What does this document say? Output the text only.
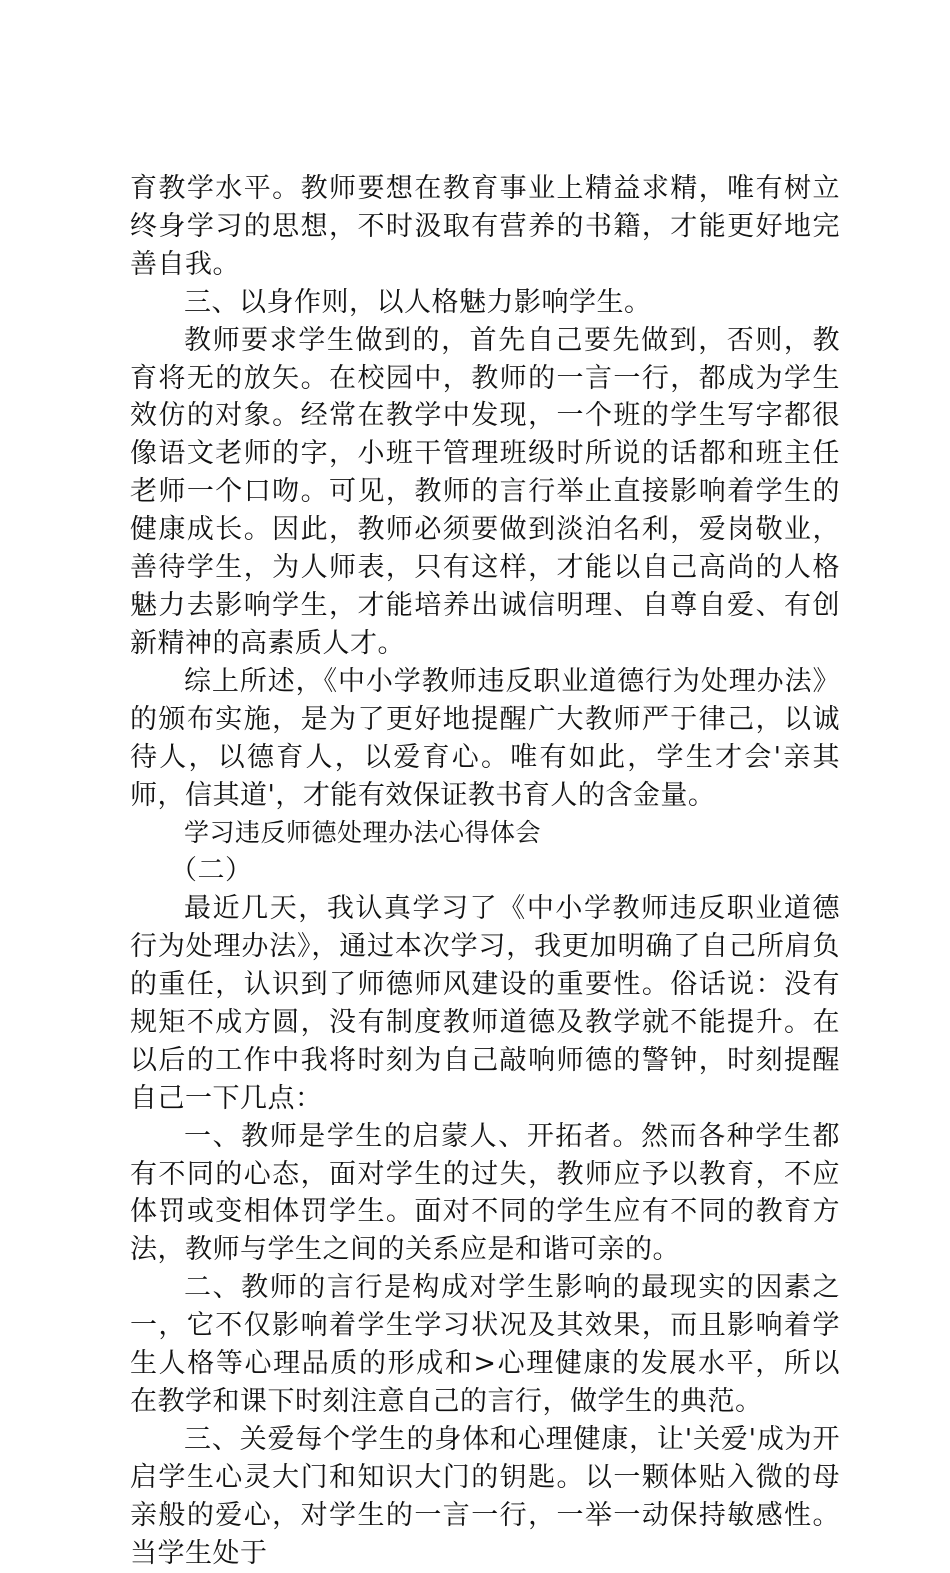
育教学水平。教师要想在教育事业上精益求精，唯有树立终身学习的思想，不时汲取有营养的书籍，才能更好地完善自我。

三、以身作则，以人格魅力影响学生。

教师要求学生做到的，首先自己要先做到，否则，教育将无的放矢。在校园中，教师的一言一行，都成为学生效仿的对象。经常在教学中发现，一个班的学生写字都很像语文老师的字，小班干管理班级时所说的话都和班主任老师一个口吻。可见，教师的言行举止直接影响着学生的健康成长。因此，教师必须要做到淡泊名利，爱岗敬业，善待学生，为人师表，只有这样，才能以自己高尚的人格魅力去影响学生，才能培养出诚信明理、自尊自爱、有创新精神的高素质人才。

综上所述，《中小学教师违反职业道德行为处理办法》的颁布实施，是为了更好地提醒广大教师严于律己，以诚待人，以德育人，以爱育心。唯有如此，学生才会'亲其师，信其道'，才能有效保证教书育人的含金量。

学习违反师德处理办法心得体会

（二）

最近几天，我认真学习了《中小学教师违反职业道德行为处理办法》，通过本次学习，我更加明确了自己所肩负的重任，认识到了师德师风建设的重要性。俗话说：没有规矩不成方圆，没有制度教师道德及教学就不能提升。在以后的工作中我将时刻为自己敲响师德的警钟，时刻提醒自己一下几点：

一、教师是学生的启蒙人、开拓者。然而各种学生都有不同的心态，面对学生的过失，教师应予以教育，不应体罚或变相体罚学生。面对不同的学生应有不同的教育方法，教师与学生之间的关系应是和谐可亲的。

二、教师的言行是构成对学生影响的最现实的因素之一，它不仅影响着学生学习状况及其效果，而且影响着学生人格等心理品质的形成和>心理健康的发展水平，所以在教学和课下时刻注意自己的言行，做学生的典范。

三、关爱每个学生的身体和心理健康，让'关爱'成为开启学生心灵大门和知识大门的钥匙。以一颗体贴入微的母亲般的爱心，对学生的一言一行，一举一动保持敏感性。当学生处于
